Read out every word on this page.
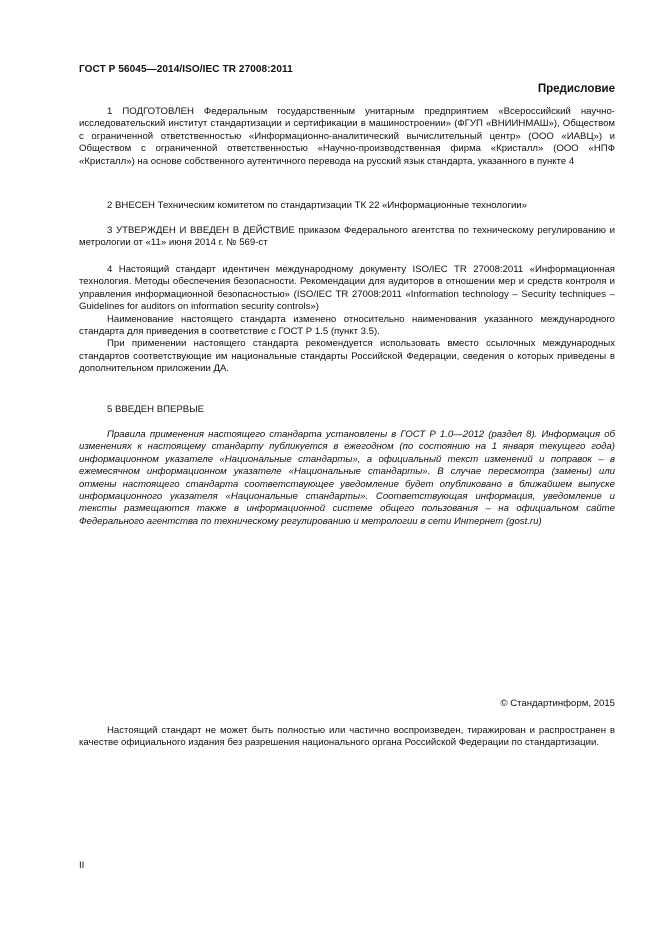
ГОСТ Р 56045—2014/ISO/IEC TR 27008:2011
Предисловие

1 ПОДГОТОВЛЕН Федеральным государственным унитарным предприятием «Всероссийский научно-исследовательский институт стандартизации и сертификации в машиностроении» (ФГУП «ВНИИНМАШ»), Обществом с ограниченной ответственностью «Информационно-аналитический вычислительный центр» (ООО «ИАВЦ») и Обществом с ограниченной ответственностью «Научно-производственная фирма «Кристалл» (ООО «НПФ «Кристалл») на основе собственного аутентичного перевода на русский язык стандарта, указанного в пункте 4

2 ВНЕСЕН Техническим комитетом по стандартизации ТК 22 «Информационные технологии»

3 УТВЕРЖДЕН И ВВЕДЕН В ДЕЙСТВИЕ приказом Федерального агентства по техническому регулированию и метрологии от «11» июня 2014 г. № 569-ст

4 Настоящий стандарт идентичен международному документу ISO/IEC TR 27008:2011 «Информационная технология. Методы обеспечения безопасности. Рекомендации для аудиторов в отношении мер и средств контроля и управления информационной безопасностью» (ISO/IEC TR 27008:2011 «Information technology – Security techniques – Guidelines for auditors on information security controls»)

Наименование настоящего стандарта изменено относительно наименования указанного международного стандарта для приведения в соответствие с ГОСТ Р 1.5 (пункт 3.5).

При применении настоящего стандарта рекомендуется использовать вместо ссылочных международных стандартов соответствующие им национальные стандарты Российской Федерации, сведения о которых приведены в дополнительном приложении ДА.

5 ВВЕДЕН ВПЕРВЫЕ

Правила применения настоящего стандарта установлены в ГОСТ Р 1.0—2012 (раздел 8). Информация об изменениях к настоящему стандарту публикуется в ежегодном (по состоянию на 1 января текущего года) информационном указателе «Национальные стандарты», а официальный текст изменений и поправок – в ежемесячном информационном указателе «Национальные стандарты». В случае пересмотра (замены) или отмены настоящего стандарта соответствующее уведомление будет опубликовано в ближайшем выпуске информационного указателя «Национальные стандарты». Соответствующая информация, уведомление и тексты размещаются также в информационной системе общего пользования – на официальном сайте Федерального агентства по техническому регулированию и метрологии в сети Интернет (gost.ru)

© Стандартинформ, 2015

Настоящий стандарт не может быть полностью или частично воспроизведен, тиражирован и распространен в качестве официального издания без разрешения национального органа Российской Федерации по стандартизации.

II
